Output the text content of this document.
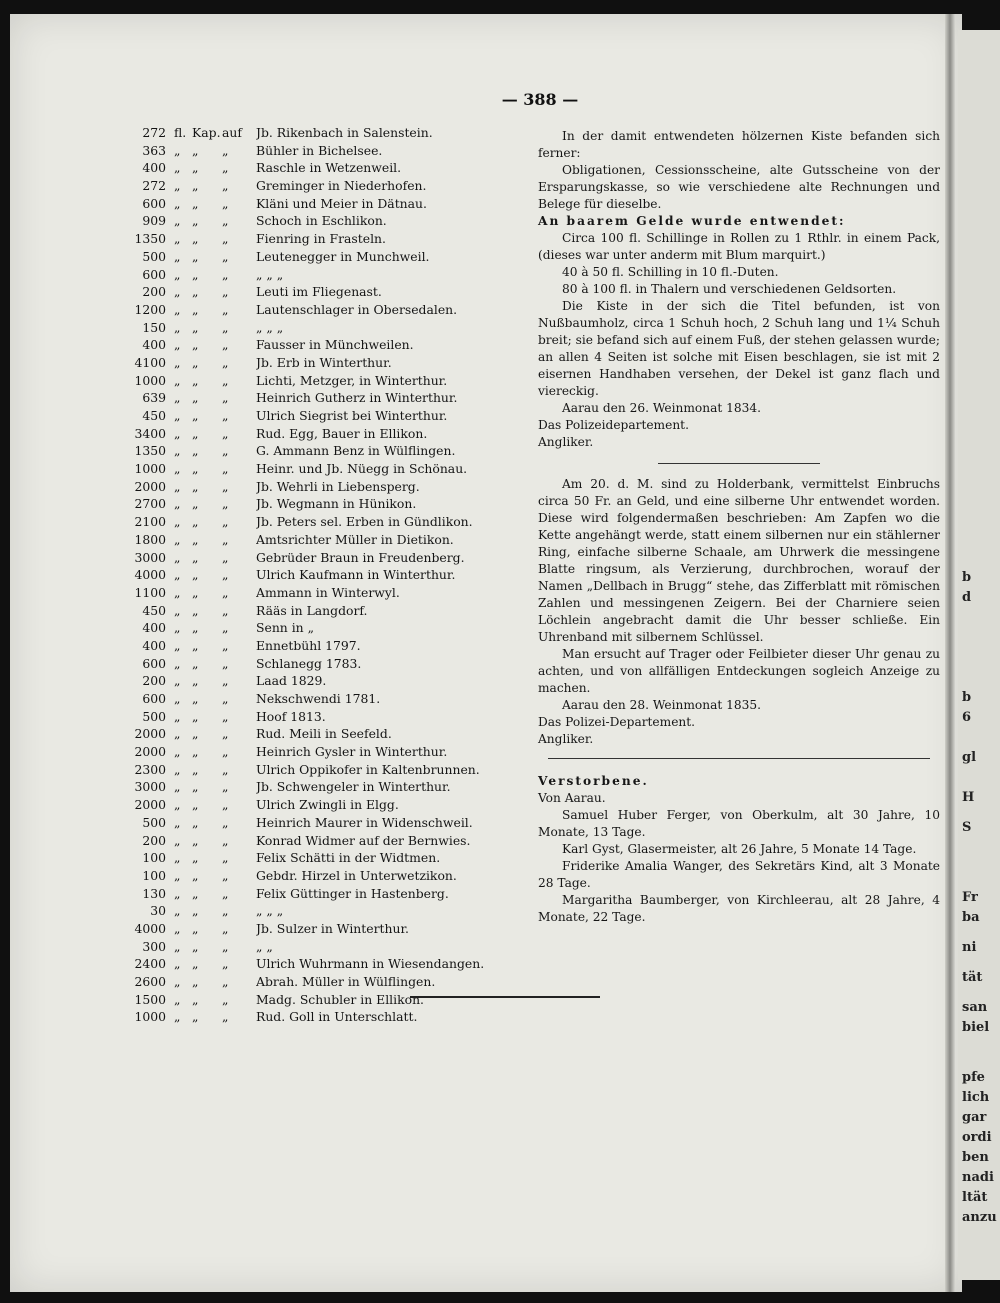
b
d
b
6
gl
H
S
Fr
ba
ni
tät
san
biel
pfe
lich
gar
ordi
ben
nadi
ltät
anzu
— 388 —
272 fl. Kap. auf	Jb. Rikenbach in Salenstein.
363 „ „	„	Bühler in Bichelsee.
400 „ „	„	Raschle in Wetzenweil.
272 „ „	„	Greminger in Niederhofen.
600 „ „	„	Kläni und Meier in Dätnau.
909 „ „	„	Schoch in Eschlikon.
1350 „ „	„	Fienring in Frasteln.
500 „ „	„	Leutenegger in Munchweil.
600 „ „	„	„ „ „
200 „ „	„	Leuti im Fliegenast.
1200 „ „	„	Lautenschlager in Obersedalen.
150 „ „	„	„ „ „
400 „ „	„	Fausser in Münchweilen.
4100 „ „	„	Jb. Erb in Winterthur.
1000 „ „	„	Lichti, Metzger, in Winterthur.
639 „ „	„	Heinrich Gutherz in Winterthur.
450 „ „	„	Ulrich Siegrist bei Winterthur.
3400 „ „	„	Rud. Egg, Bauer in Ellikon.
1350 „ „	„	G. Ammann Benz in Wülflingen.
1000 „ „	„	Heinr. und Jb. Nüegg in Schönau.
2000 „ „	„	Jb. Wehrli in Liebensperg.
2700 „ „	„	Jb. Wegmann in Hünikon.
2100 „ „	„	Jb. Peters sel. Erben in Gündlikon.
1800 „ „	„	Amtsrichter Müller in Dietikon.
3000 „ „	„	Gebrüder Braun in Freudenberg.
4000 „ „	„	Ulrich Kaufmann in Winterthur.
1100 „ „	„	Ammann in Winterwyl.
450 „ „	„	Rääs in Langdorf.
400 „ „	„	Senn in „
400 „ „	„	Ennetbühl 1797.
600 „ „	„	Schlanegg 1783.
200 „ „	„	Laad 1829.
600 „ „	„	Nekschwendi 1781.
500 „ „	„	Hoof 1813.
2000 „ „	„	Rud. Meili in Seefeld.
2000 „ „	„	Heinrich Gysler in Winterthur.
2300 „ „	„	Ulrich Oppikofer in Kaltenbrunnen.
3000 „ „	„	Jb. Schwengeler in Winterthur.
2000 „ „	„	Ulrich Zwingli in Elgg.
500 „ „	„	Heinrich Maurer in Widenschweil.
200 „ „	„	Konrad Widmer auf der Bernwies.
100 „ „	„	Felix Schätti in der Widtmen.
100 „ „	„	Gebdr. Hirzel in Unterwetzikon.
130 „ „	„	Felix Güttinger in Hastenberg.
30 „ „	„	„ „ „
4000 „ „	„	Jb. Sulzer in Winterthur.
300 „ „	„	„ „
2400 „ „	„	Ulrich Wuhrmann in Wiesendangen.
2600 „ „	„	Abrah. Müller in Wülflingen.
1500 „ „	„	Madg. Schubler in Ellikon.
1000 „ „	„	Rud. Goll in Unterschlatt.

In der damit entwendeten hölzernen Kiste befanden sich ferner:

Obligationen, Cessionsscheine, alte Gutsscheine von der Ersparungskasse, so wie verschiedene alte Rechnungen und Belege für dieselbe.

An baarem Gelde wurde entwendet:

Circa 100 fl. Schillinge in Rollen zu 1 Rthlr. in einem Pack, (dieses war unter anderm mit Blum marquirt.)

40 à 50 fl. Schilling in 10 fl.-Duten.

80 à 100 fl. in Thalern und verschiedenen Geldsorten.

Die Kiste in der sich die Titel befunden, ist von Nußbaumholz, circa 1 Schuh hoch, 2 Schuh lang und 1¼ Schuh breit; sie befand sich auf einem Fuß, der stehen gelassen wurde; an allen 4 Seiten ist solche mit Eisen beschlagen, sie ist mit 2 eisernen Handhaben versehen, der Dekel ist ganz flach und viereckig.

Aarau den 26. Weinmonat 1834.

Das Polizeidepartement.

Angliker.

Am 20. d. M. sind zu Holderbank, vermittelst Einbruchs circa 50 Fr. an Geld, und eine silberne Uhr entwendet worden. Diese wird folgendermaßen beschrieben: Am Zapfen wo die Kette angehängt werde, statt einem silbernen nur ein stählerner Ring, einfache silberne Schaale, am Uhrwerk die messingene Blatte ringsum, als Verzierung, durchbrochen, worauf der Namen „Dellbach in Brugg“ stehe, das Zifferblatt mit römischen Zahlen und messingenen Zeigern. Bei der Charniere seien Löchlein angebracht damit die Uhr besser schließe. Ein Uhrenband mit silbernem Schlüssel.

Man ersucht auf Trager oder Feilbieter dieser Uhr genau zu achten, und von allfälligen Entdeckungen sogleich Anzeige zu machen.

Aarau den 28. Weinmonat 1835.

Das Polizei-Departement.

Angliker.

Verstorbene.

Von Aarau.

Samuel Huber Ferger, von Oberkulm, alt 30 Jahre, 10 Monate, 13 Tage.

Karl Gyst, Glasermeister, alt 26 Jahre, 5 Monate 14 Tage.

Friderike Amalia Wanger, des Sekretärs Kind, alt 3 Monate 28 Tage.

Margaritha Baumberger, von Kirchleerau, alt 28 Jahre, 4 Monate, 22 Tage.
